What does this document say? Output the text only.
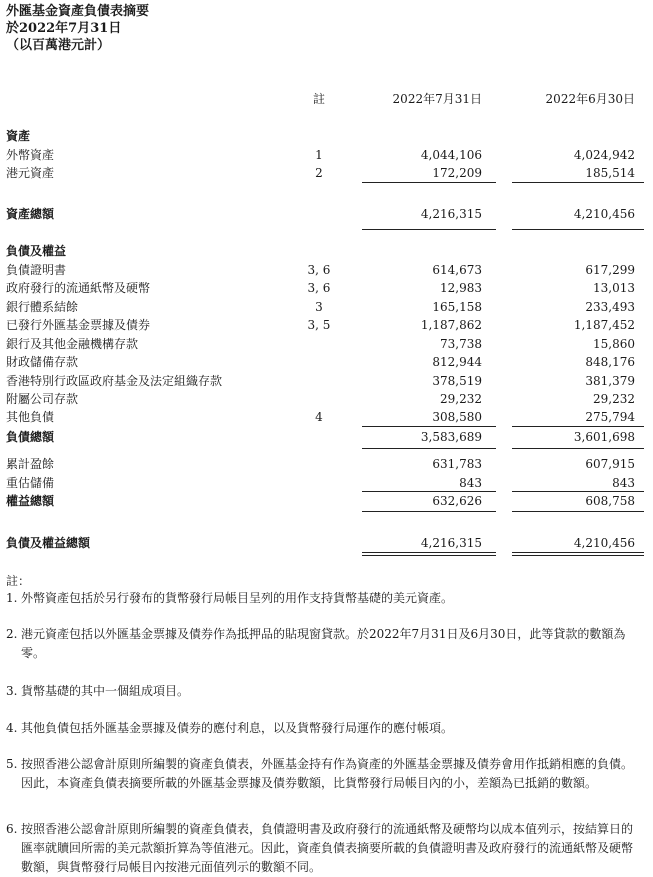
外匯基金資產負債表摘要
於2022年7月31日
（以百萬港元計）
註	2022年7月31日	2022年6月30日
資產
外幣資產	1	4,044,106	4,024,942
港元資產	2	172,209	185,514
資產總額	4,216,315	4,210,456
負債及權益
負債證明書	3, 6	614,673	617,299
政府發行的流通紙幣及硬幣	3, 6	12,983	13,013
銀行體系結餘	3	165,158	233,493
已發行外匯基金票據及債券	3, 5	1,187,862	1,187,452
銀行及其他金融機構存款	73,738	15,860
財政儲備存款	812,944	848,176
香港特別行政區政府基金及法定組織存款	378,519	381,379
附屬公司存款	29,232	29,232
其他負債	4	308,580	275,794
負債總額	3,583,689	3,601,698
累計盈餘	631,783	607,915
重估儲備	843	843
權益總額	632,626	608,758
負債及權益總額	4,216,315	4,210,456
註：
1. 外幣資產包括於另行發布的貨幣發行局帳目呈列的用作支持貨幣基礎的美元資產。
2. 港元資產包括以外匯基金票據及債券作為抵押品的貼現窗貸款。於2022年7月31日及6月30日，此等貸款的數額為零。
3. 貨幣基礎的其中一個組成項目。
4. 其他負債包括外匯基金票據及債券的應付利息，以及貨幣發行局運作的應付帳項。
5. 按照香港公認會計原則所編製的資產負債表，外匯基金持有作為資產的外匯基金票據及債券會用作抵銷相應的負債。因此，本資產負債表摘要所載的外匯基金票據及債券數額，比貨幣發行局帳目內的小，差額為已抵銷的數額。
6. 按照香港公認會計原則所編製的資產負債表，負債證明書及政府發行的流通紙幣及硬幣均以成本值列示，按結算日的匯率就贖回所需的美元款額折算為等值港元。因此，資產負債表摘要所載的負債證明書及政府發行的流通紙幣及硬幣數額，與貨幣發行局帳目內按港元面值列示的數額不同。
